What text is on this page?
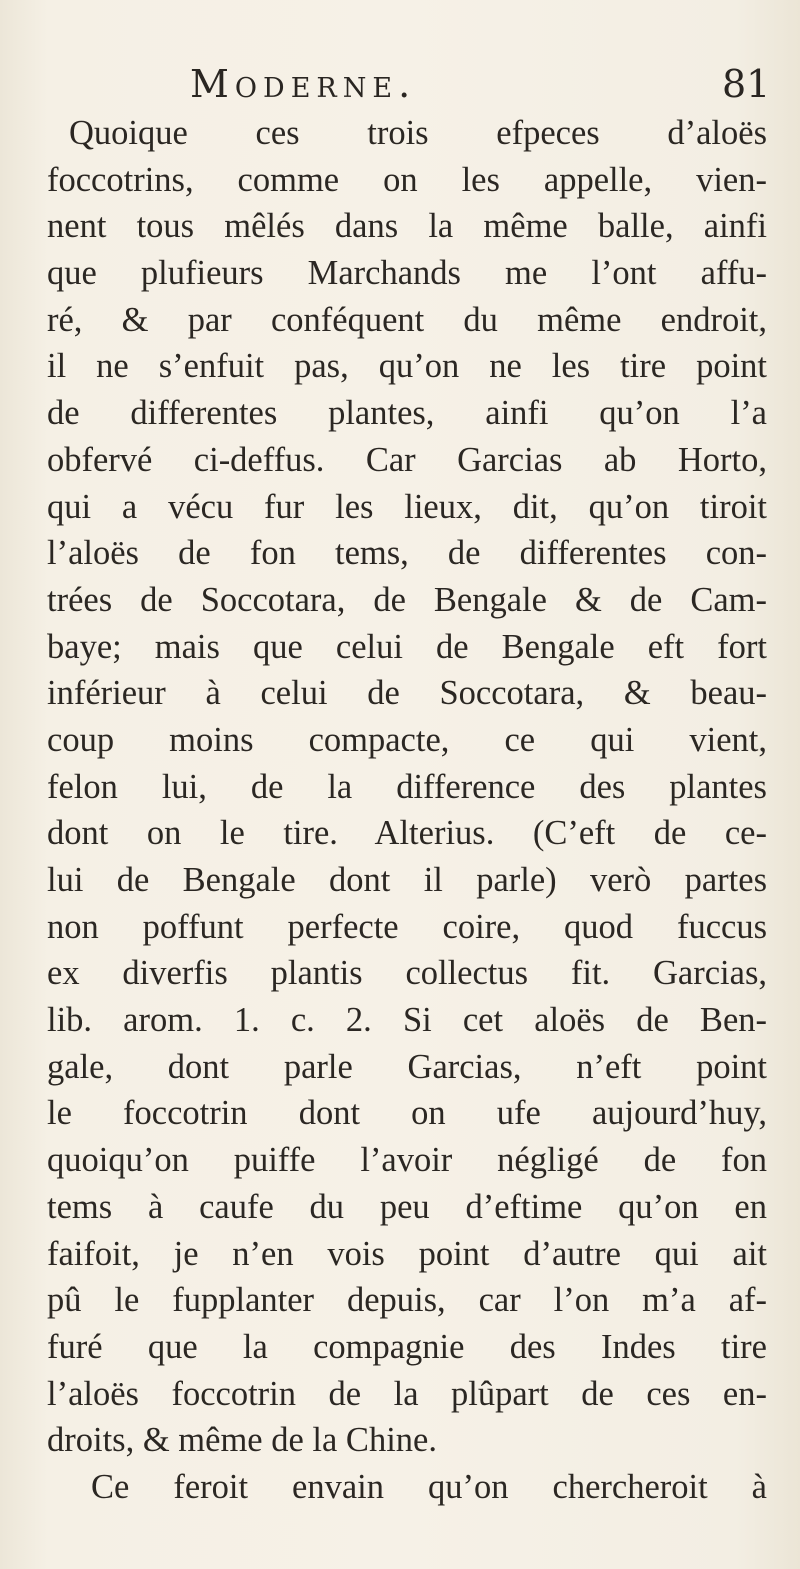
Moderne.	81
Quoique ces trois efpeces d’aloës
foccotrins, comme on les appelle, vien-
nent tous mêlés dans la même balle, ainfi
que plufieurs Marchands me l’ont affu-
ré, & par conféquent du même endroit,
il ne s’enfuit pas, qu’on ne les tire point
de differentes plantes, ainfi qu’on l’a
obfervé ci-deffus. Car Garcias ab Horto,
qui a vécu fur les lieux, dit, qu’on tiroit
l’aloës de fon tems, de differentes con-
trées de Soccotara, de Bengale & de Cam-
baye; mais que celui de Bengale eft fort
inférieur à celui de Soccotara, & beau-
coup moins compacte, ce qui vient,
felon lui, de la difference des plantes
dont on le tire. Alterius. (C’eft de ce-
lui de Bengale dont il parle) verò partes
non poffunt perfecte coire, quod fuccus
ex diverfis plantis collectus fit. Garcias,
lib. arom. 1. c. 2. Si cet aloës de Ben-
gale, dont parle Garcias, n’eft point
le foccotrin dont on ufe aujourd’huy,
quoiqu’on puiffe l’avoir négligé de fon
tems à caufe du peu d’eftime qu’on en
faifoit, je n’en vois point d’autre qui ait
pû le fupplanter depuis, car l’on m’a af-
furé que la compagnie des Indes tire
l’aloës foccotrin de la plûpart de ces en-
droits, & même de la Chine.
Ce feroit envain qu’on chercheroit à
